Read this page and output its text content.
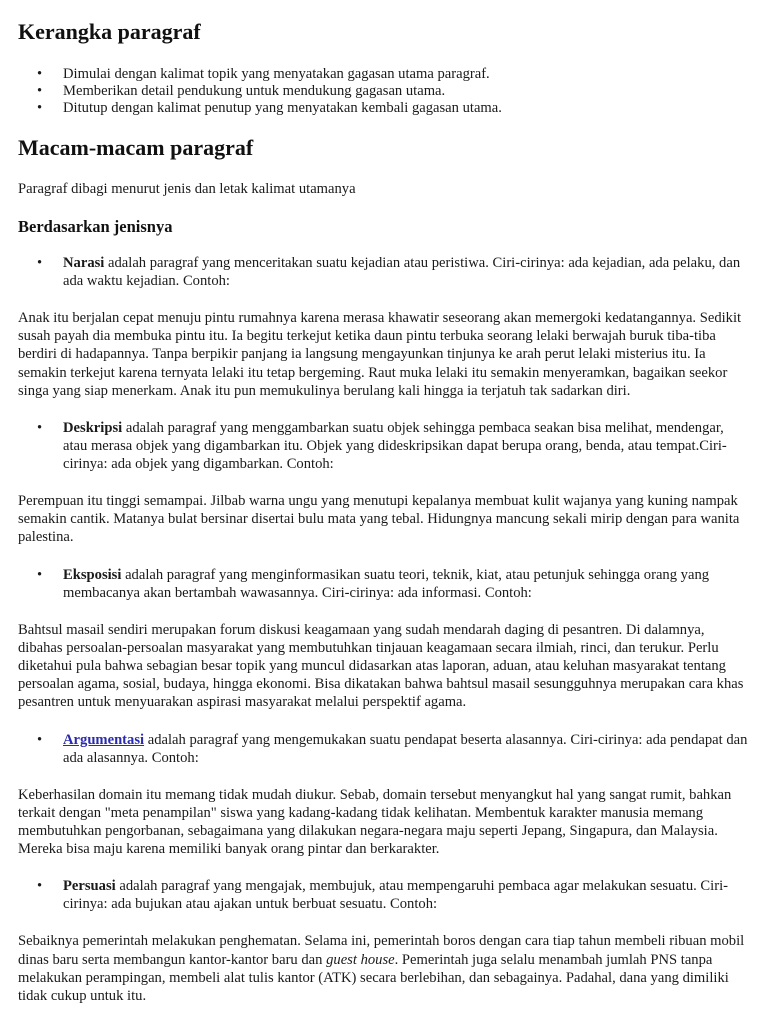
Kerangka paragraf
• Dimulai dengan kalimat topik yang menyatakan gagasan utama paragraf.
• Memberikan detail pendukung untuk mendukung gagasan utama.
• Ditutup dengan kalimat penutup yang menyatakan kembali gagasan utama.
Macam-macam paragraf

Paragraf dibagi menurut jenis dan letak kalimat utamanya

Berdasarkan jenisnya
• Narasi adalah paragraf yang menceritakan suatu kejadian atau peristiwa. Ciri-cirinya: ada kejadian, ada pelaku, dan ada waktu kejadian. Contoh:

Anak itu berjalan cepat menuju pintu rumahnya karena merasa khawatir seseorang akan memergoki kedatangannya. Sedikit susah payah dia membuka pintu itu. Ia begitu terkejut ketika daun pintu terbuka seorang lelaki berwajah buruk tiba-tiba berdiri di hadapannya. Tanpa berpikir panjang ia langsung mengayunkan tinjunya ke arah perut lelaki misterius itu. Ia semakin terkejut karena ternyata lelaki itu tetap bergeming. Raut muka lelaki itu semakin menyeramkan, bagaikan seekor singa yang siap menerkam. Anak itu pun memukulinya berulang kali hingga ia terjatuh tak sadarkan diri.

• Deskripsi adalah paragraf yang menggambarkan suatu objek sehingga pembaca seakan bisa melihat, mendengar, atau merasa objek yang digambarkan itu. Objek yang dideskripsikan dapat berupa orang, benda, atau tempat.Ciri-cirinya: ada objek yang digambarkan. Contoh:

Perempuan itu tinggi semampai. Jilbab warna ungu yang menutupi kepalanya membuat kulit wajanya yang kuning nampak semakin cantik. Matanya bulat bersinar disertai bulu mata yang tebal. Hidungnya mancung sekali mirip dengan para wanita palestina.

• Eksposisi adalah paragraf yang menginformasikan suatu teori, teknik, kiat, atau petunjuk sehingga orang yang membacanya akan bertambah wawasannya. Ciri-cirinya: ada informasi. Contoh:

Bahtsul masail sendiri merupakan forum diskusi keagamaan yang sudah mendarah daging di pesantren. Di dalamnya, dibahas persoalan-persoalan masyarakat yang membutuhkan tinjauan keagamaan secara ilmiah, rinci, dan terukur. Perlu diketahui pula bahwa sebagian besar topik yang muncul didasarkan atas laporan, aduan, atau keluhan masyarakat tentang persoalan agama, sosial, budaya, hingga ekonomi. Bisa dikatakan bahwa bahtsul masail sesungguhnya merupakan cara khas pesantren untuk menyuarakan aspirasi masyarakat melalui perspektif agama.

• Argumentasi adalah paragraf yang mengemukakan suatu pendapat beserta alasannya. Ciri-cirinya: ada pendapat dan ada alasannya. Contoh:

Keberhasilan domain itu memang tidak mudah diukur. Sebab, domain tersebut menyangkut hal yang sangat rumit, bahkan terkait dengan "meta penampilan" siswa yang kadang-kadang tidak kelihatan. Membentuk karakter manusia memang membutuhkan pengorbanan, sebagaimana yang dilakukan negara-negara maju seperti Jepang, Singapura, dan Malaysia. Mereka bisa maju karena memiliki banyak orang pintar dan berkarakter.

• Persuasi adalah paragraf yang mengajak, membujuk, atau mempengaruhi pembaca agar melakukan sesuatu. Ciri-cirinya: ada bujukan atau ajakan untuk berbuat sesuatu. Contoh:

Sebaiknya pemerintah melakukan penghematan. Selama ini, pemerintah boros dengan cara tiap tahun membeli ribuan mobil dinas baru serta membangun kantor-kantor baru dan guest house. Pemerintah juga selalu menambah jumlah PNS tanpa melakukan perampingan, membeli alat tulis kantor (ATK) secara berlebihan, dan sebagainya. Padahal, dana yang dimiliki tidak cukup untuk itu.
